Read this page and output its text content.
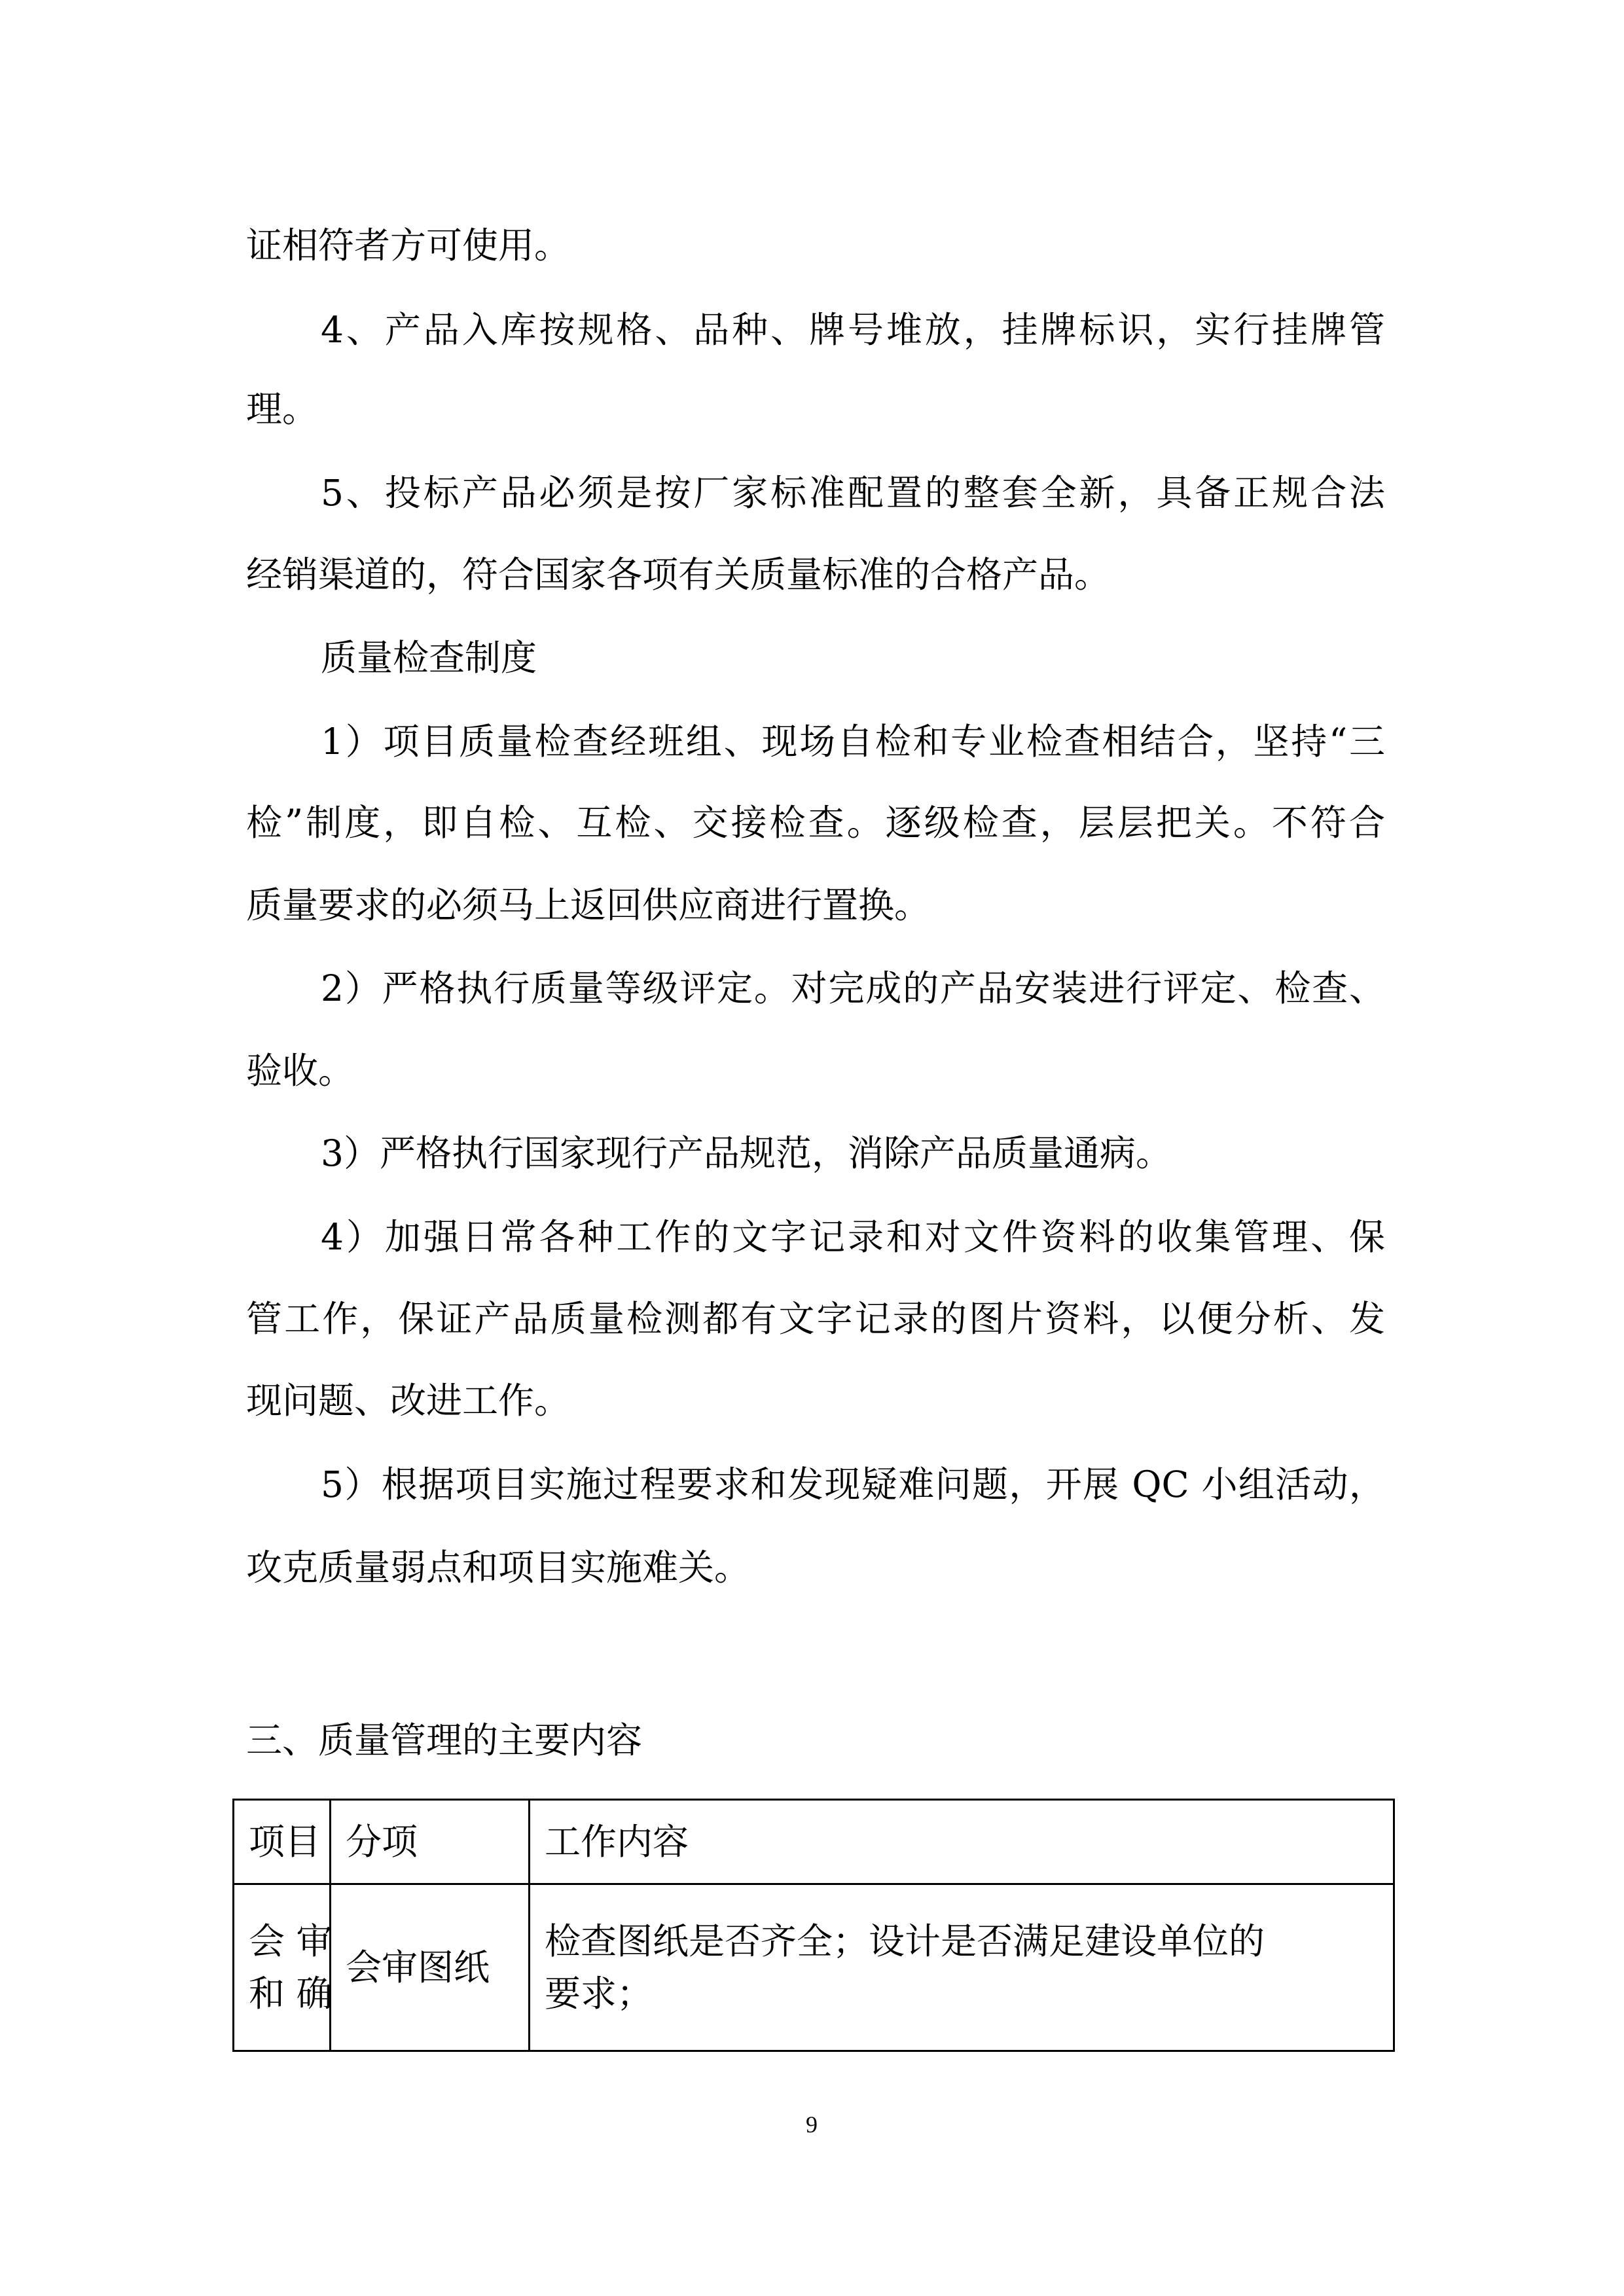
证相符者方可使用。
4、产品入库按规格、品种、牌号堆放，挂牌标识，实行挂牌管
理。
5、投标产品必须是按厂家标准配置的整套全新，具备正规合法
经销渠道的，符合国家各项有关质量标准的合格产品。
质量检查制度
1）项目质量检查经班组、现场自检和专业检查相结合，坚持“三
检”制度，即自检、互检、交接检查。逐级检查，层层把关。不符合
质量要求的必须马上返回供应商进行置换。
2）严格执行质量等级评定。对完成的产品安装进行评定、检查、
验收。
3）严格执行国家现行产品规范，消除产品质量通病。
4）加强日常各种工作的文字记录和对文件资料的收集管理、保
管工作，保证产品质量检测都有文字记录的图片资料，以便分析、发
现问题、改进工作。
5）根据项目实施过程要求和发现疑难问题，开展 QC 小组活动，
攻克质量弱点和项目实施难关。
三、质量管理的主要内容
项目	分项	工作内容

会 审
和 确	会审图纸	检查图纸是否齐全；设计是否满足建设单位的
要求；
9
